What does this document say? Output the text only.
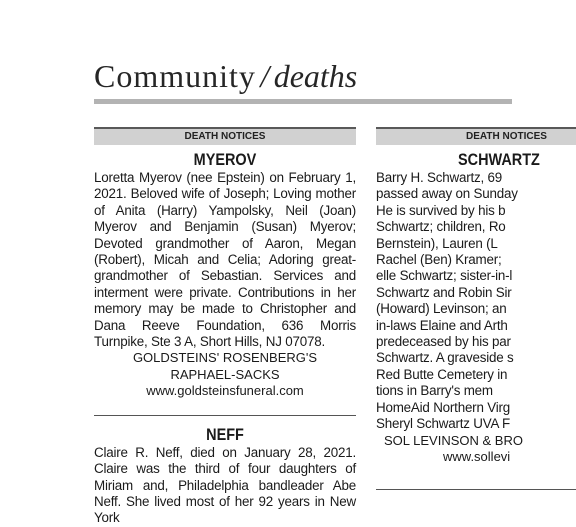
Community / deaths
DEATH NOTICES
MYEROV
Loretta Myerov (nee Epstein) on February 1, 2021. Beloved wife of Joseph; Loving mother of Anita (Harry) Yampolsky, Neil (Joan) Myerov and Benjamin (Susan) Myerov; Devoted grandmother of Aaron, Megan (Robert), Micah and Celia; Adoring great-grandmother of Sebastian. Services and interment were private. Contributions in her memory may be made to Christopher and Dana Reeve Foundation, 636 Morris Turnpike, Ste 3 A, Short Hills, NJ 07078.
GOLDSTEINS' ROSENBERG'S
RAPHAEL-SACKS
www.goldsteinsfuneral.com
NEFF
Claire R. Neff, died on January 28, 2021. Claire was the third of four daughters of Miriam and, Philadelphia bandleader Abe Neff. She lived most of her 92 years in New York
DEATH NOTICES
SCHWARTZ
Barry H. Schwartz, 69
passed away on Sunday
He is survived by his b
Schwartz; children, Ro
Bernstein), Lauren (L
Rachel (Ben) Kramer;
elle Schwartz; sister-in-l
Schwartz and Robin Sir
(Howard) Levinson; an
in-laws Elaine and Arth
predeceased by his par
Schwartz. A graveside s
Red Butte Cemetery in
tions in Barry's mem
HomeAid Northern Virg
Sheryl Schwartz UVA F
SOL LEVINSON & BRO
www.sollevi
